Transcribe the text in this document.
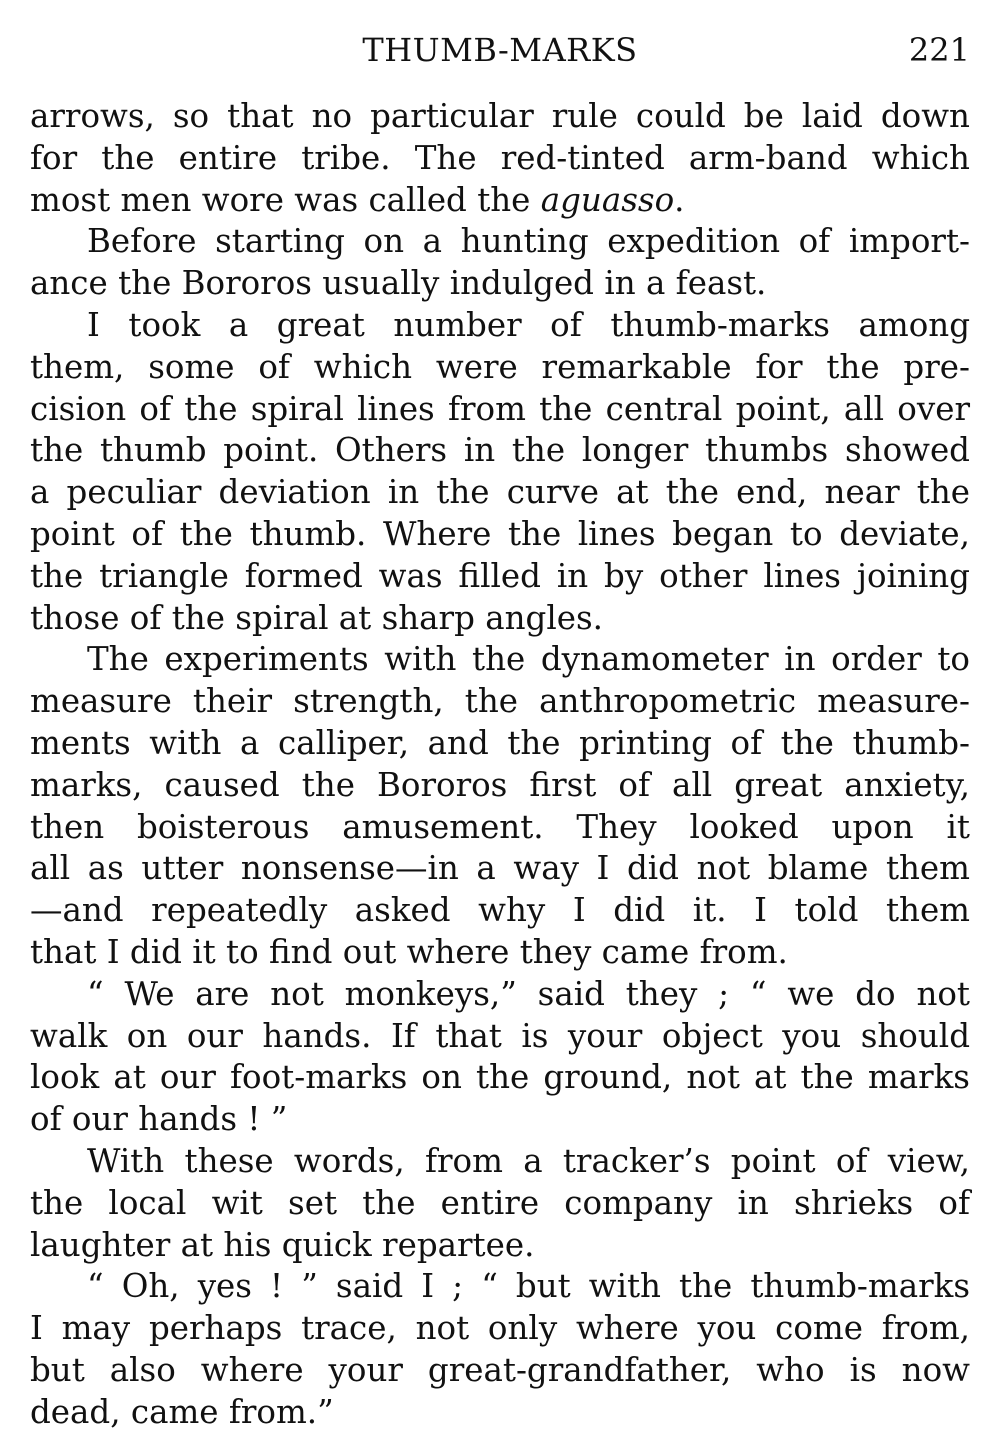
THUMB-MARKS	221
arrows, so that no particular rule could be laid down
for the entire tribe. The red-tinted arm-band which
most men wore was called the aguasso.
Before starting on a hunting expedition of import-
ance the Bororos usually indulged in a feast.
I took a great number of thumb-marks among
them, some of which were remarkable for the pre-
cision of the spiral lines from the central point, all over
the thumb point. Others in the longer thumbs showed
a peculiar deviation in the curve at the end, near the
point of the thumb. Where the lines began to deviate,
the triangle formed was filled in by other lines joining
those of the spiral at sharp angles.
The experiments with the dynamometer in order to
measure their strength, the anthropometric measure-
ments with a calliper, and the printing of the thumb-
marks, caused the Bororos first of all great anxiety,
then boisterous amusement. They looked upon it
all as utter nonsense—in a way I did not blame them
—and repeatedly asked why I did it. I told them
that I did it to find out where they came from.
“ We are not monkeys,” said they ; “ we do not
walk on our hands. If that is your object you should
look at our foot-marks on the ground, not at the marks
of our hands ! ”
With these words, from a tracker’s point of view,
the local wit set the entire company in shrieks of
laughter at his quick repartee.
“ Oh, yes ! ” said I ; “ but with the thumb-marks
I may perhaps trace, not only where you come from,
but also where your great-grandfather, who is now
dead, came from.”
